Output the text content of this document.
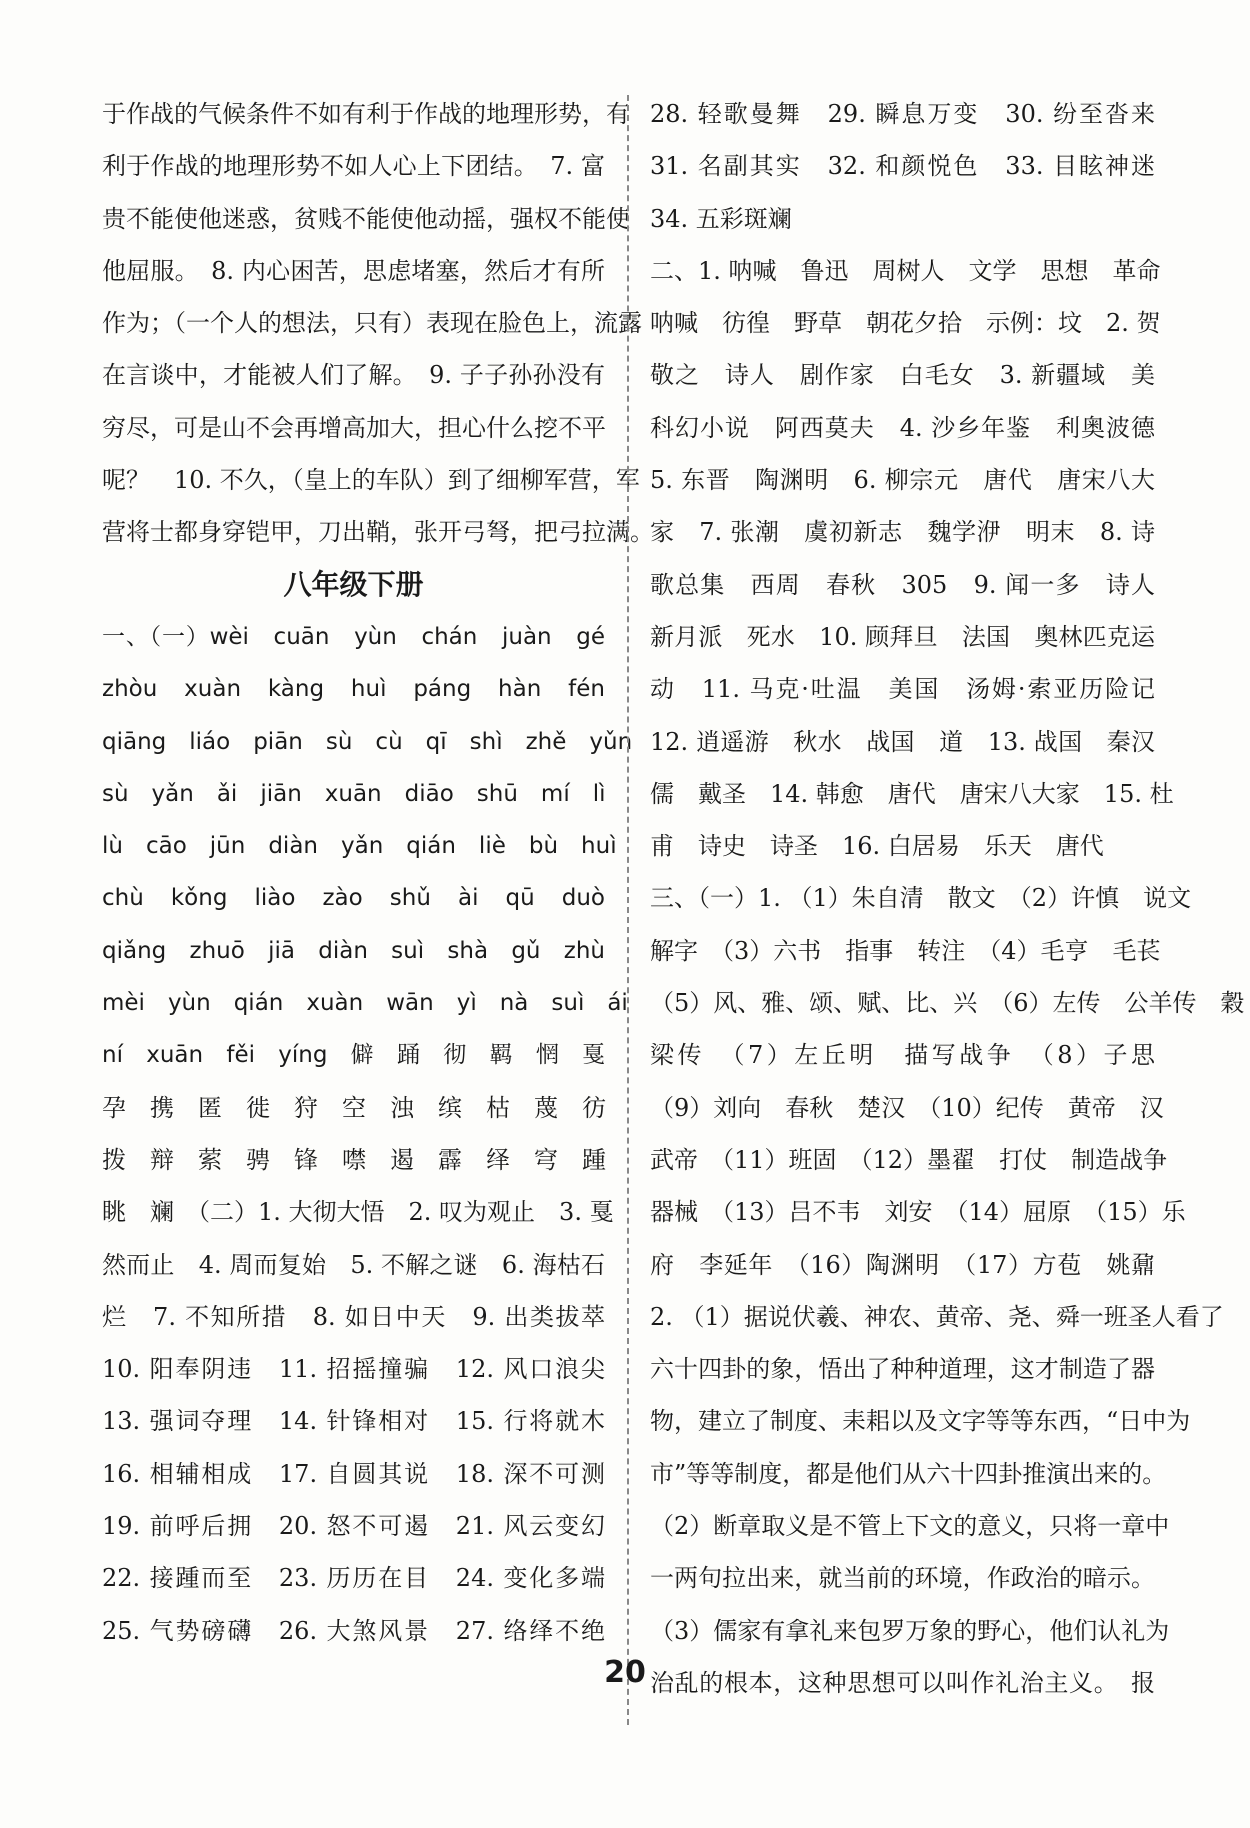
于作战的气候条件不如有利于作战的地理形势，有
利于作战的地理形势不如人心上下团结。　7. 富
贵不能使他迷惑，贫贱不能使他动摇，强权不能使
他屈服。　8. 内心困苦，思虑堵塞，然后才有所
作为；（一个人的想法，只有）表现在脸色上，流露
在言谈中，才能被人们了解。　9. 子子孙孙没有
穷尽，可是山不会再增高加大，担心什么挖不平
呢？　10. 不久，（皇上的车队）到了细柳军营，军
营将士都身穿铠甲，刀出鞘，张开弓弩，把弓拉满。
八年级下册
一、（一）wèi　cuān　yùn　chán　juàn　gé
zhòu　xuàn　kàng　huì　páng　hàn　fén
qiāng　liáo　piān　sù　cù　qī　shì　zhě　yǔn
sù　yǎn　ǎi　jiān　xuān　diāo　shū　mí　lì
lù　cāo　jūn　diàn　yǎn　qián　liè　bù　huì
chù　kǒng　liào　zào　shǔ　ài　qū　duò
qiǎng　zhuō　jiā　diàn　suì　shà　gǔ　zhù
mèi　yùn　qián　xuàn　wān　yì　nà　suì　ái
ní　xuān　fěi　yíng　僻　踊　彻　羁　惘　戛
孕　携　匿　徙　狩　空　浊　缤　枯　蔑　彷
拨　辩　萦　骋　锋　噤　遏　霹　绎　穹　踵
眺　斓　（二）1. 大彻大悟　2. 叹为观止　3. 戛
然而止　4. 周而复始　5. 不解之谜　6. 海枯石
烂　7. 不知所措　8. 如日中天　9. 出类拔萃
10. 阳奉阴违　11. 招摇撞骗　12. 风口浪尖
13. 强词夺理　14. 针锋相对　15. 行将就木
16. 相辅相成　17. 自圆其说　18. 深不可测
19. 前呼后拥　20. 怒不可遏　21. 风云变幻
22. 接踵而至　23. 历历在目　24. 变化多端
25. 气势磅礴　26. 大煞风景　27. 络绎不绝
28. 轻歌曼舞　29. 瞬息万变　30. 纷至沓来
31. 名副其实　32. 和颜悦色　33. 目眩神迷
34. 五彩斑斓
二、1. 呐喊　鲁迅　周树人　文学　思想　革命
呐喊　彷徨　野草　朝花夕拾　示例：坟　2. 贺
敬之　诗人　剧作家　白毛女　3. 新疆域　美
科幻小说　阿西莫夫　4. 沙乡年鉴　利奥波德
5. 东晋　陶渊明　6. 柳宗元　唐代　唐宋八大
家　7. 张潮　虞初新志　魏学洢　明末　8. 诗
歌总集　西周　春秋　305　9. 闻一多　诗人
新月派　死水　10. 顾拜旦　法国　奥林匹克运
动　11. 马克·吐温　美国　汤姆·索亚历险记
12. 逍遥游　秋水　战国　道　13. 战国　秦汉
儒　戴圣　14. 韩愈　唐代　唐宋八大家　15. 杜
甫　诗史　诗圣　16. 白居易　乐天　唐代
三、（一）1. （1）朱自清　散文　（2）许慎　说文
解字　（3）六书　指事　转注　（4）毛亨　毛苌
（5）风、雅、颂、赋、比、兴　（6）左传　公羊传　穀
梁传　（7）左丘明　描写战争　（8）子思
（9）刘向　春秋　楚汉　（10）纪传　黄帝　汉
武帝　（11）班固　（12）墨翟　打仗　制造战争
器械　（13）吕不韦　刘安　（14）屈原　（15）乐
府　李延年　（16）陶渊明　（17）方苞　姚鼐
2. （1）据说伏羲、神农、黄帝、尧、舜一班圣人看了
六十四卦的象，悟出了种种道理，这才制造了器
物，建立了制度、耒耜以及文字等等东西，“日中为
市”等等制度，都是他们从六十四卦推演出来的。
（2）断章取义是不管上下文的意义，只将一章中
一两句拉出来，就当前的环境，作政治的暗示。
（3）儒家有拿礼来包罗万象的野心，他们认礼为
治乱的根本，这种思想可以叫作礼治主义。　报
20
